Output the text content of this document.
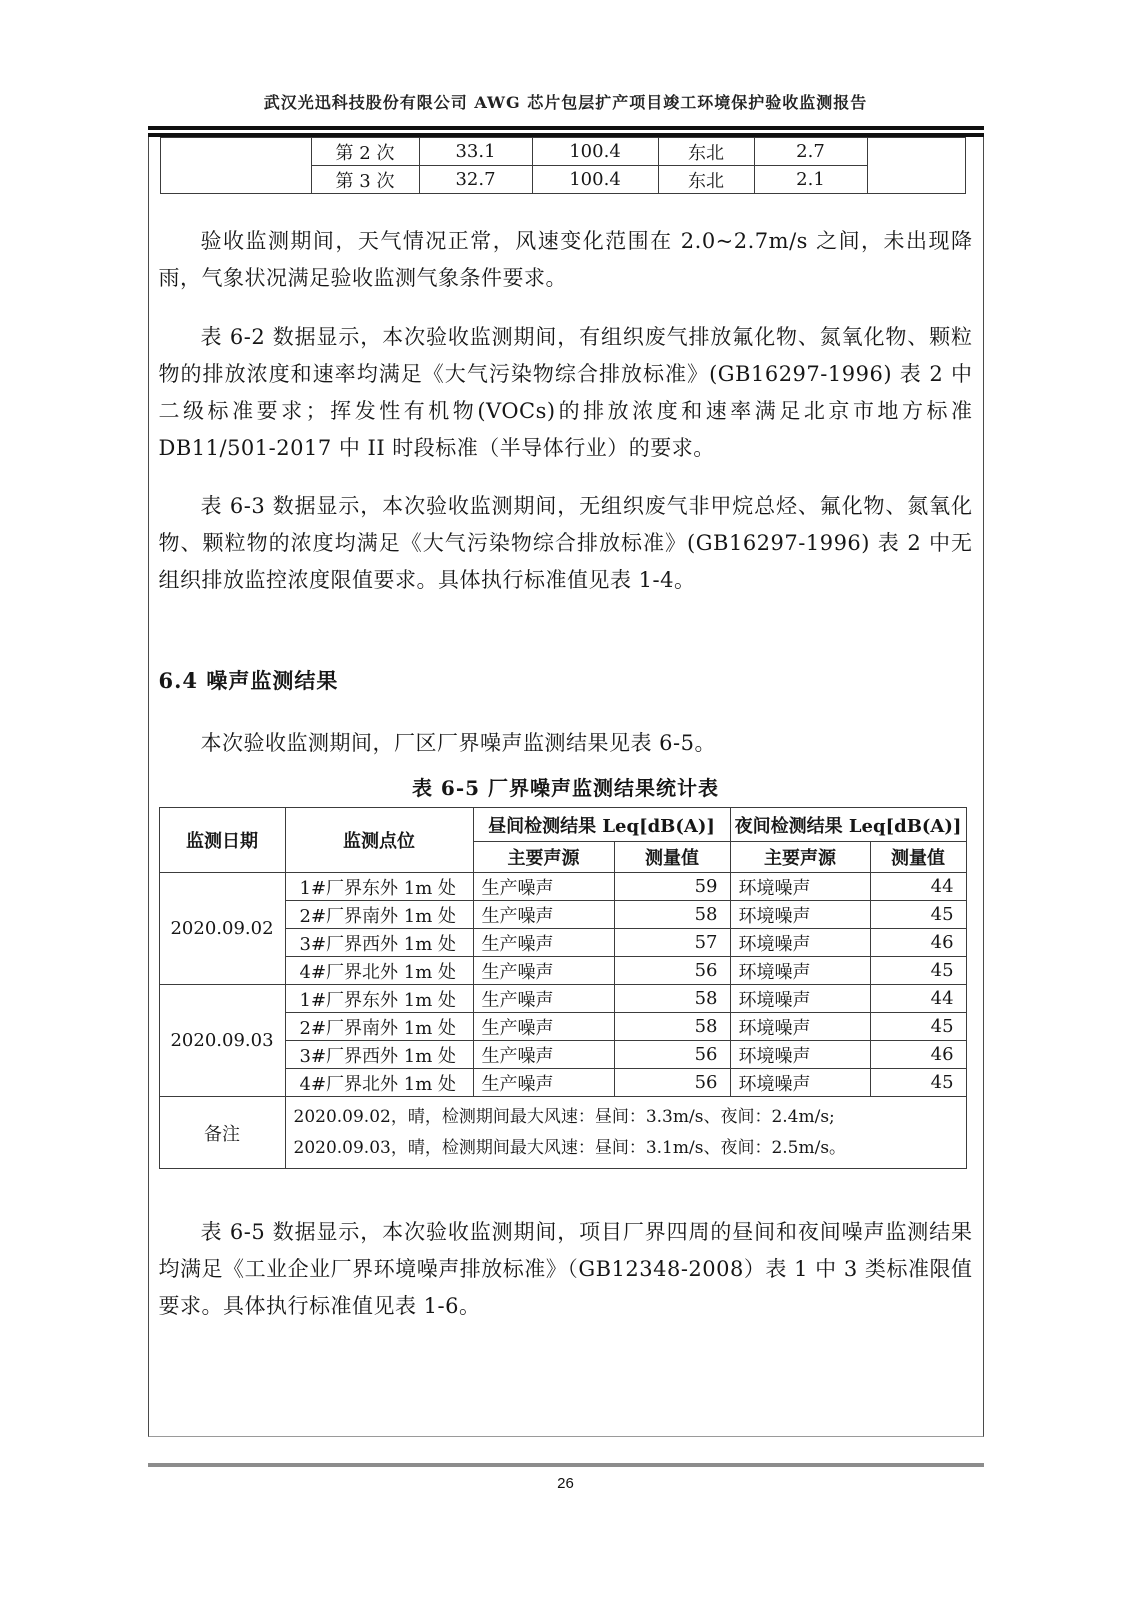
武汉光迅科技股份有限公司 AWG 芯片包层扩产项目竣工环境保护验收监测报告
	第 2 次	33.1	100.4	东北	2.7	
	第 3 次	32.7	100.4	东北	2.1	

验收监测期间，天气情况正常，风速变化范围在 2.0~2.7m/s 之间，未出现降雨，气象状况满足验收监测气象条件要求。

表 6-2 数据显示，本次验收监测期间，有组织废气排放氟化物、氮氧化物、颗粒物的排放浓度和速率均满足《大气污染物综合排放标准》(GB16297-1996) 表 2 中二级标准要求；挥发性有机物(VOCs)的排放浓度和速率满足北京市地方标准 DB11/501-2017 中 II 时段标准（半导体行业）的要求。

表 6-3 数据显示，本次验收监测期间，无组织废气非甲烷总烃、氟化物、氮氧化物、颗粒物的浓度均满足《大气污染物综合排放标准》(GB16297-1996) 表 2 中无组织排放监控浓度限值要求。具体执行标准值见表 1-4。

6.4 噪声监测结果

本次验收监测期间，厂区厂界噪声监测结果见表 6-5。

表 6-5 厂界噪声监测结果统计表
监测日期	监测点位	昼间检测结果 Leq[dB(A)]		夜间检测结果 Leq[dB(A)]	
		主要声源	测量值	主要声源	测量值
2020.09.02	1#厂界东外 1m 处	生产噪声	59	环境噪声	44
	2#厂界南外 1m 处	生产噪声	58	环境噪声	45
	3#厂界西外 1m 处	生产噪声	57	环境噪声	46
	4#厂界北外 1m 处	生产噪声	56	环境噪声	45
2020.09.03	1#厂界东外 1m 处	生产噪声	58	环境噪声	44
	2#厂界南外 1m 处	生产噪声	58	环境噪声	45
	3#厂界西外 1m 处	生产噪声	56	环境噪声	46
	4#厂界北外 1m 处	生产噪声	56	环境噪声	45
备注	2020.09.02，晴，检测期间最大风速：昼间：3.3m/s、夜间：2.4m/s;
2020.09.03，晴，检测期间最大风速：昼间：3.1m/s、夜间：2.5m/s。				

表 6-5 数据显示，本次验收监测期间，项目厂界四周的昼间和夜间噪声监测结果均满足《工业企业厂界环境噪声排放标准》（GB12348-2008）表 1 中 3 类标准限值要求。具体执行标准值见表 1-6。

26
